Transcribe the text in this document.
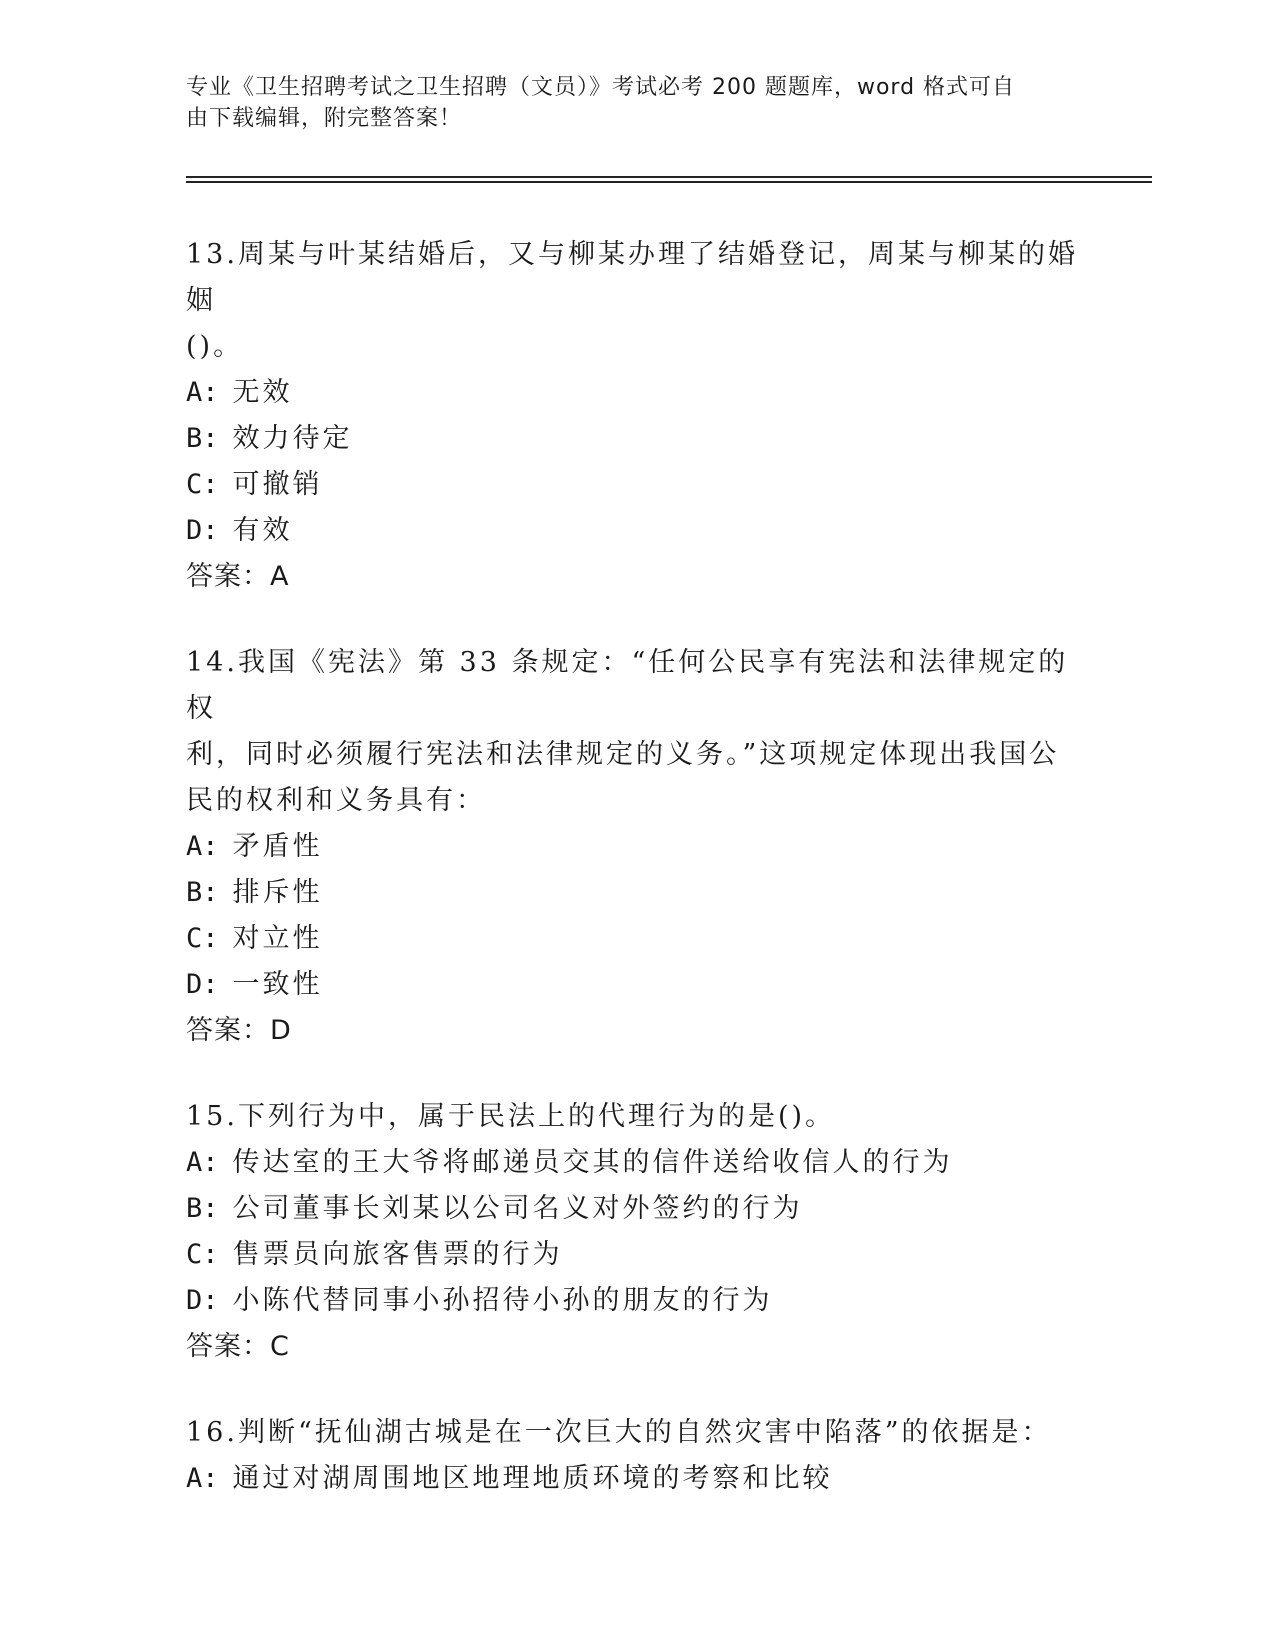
专业《卫生招聘考试之卫生招聘（文员）》考试必考 200 题题库，word 格式可自
由下载编辑，附完整答案！

13.周某与叶某结婚后，又与柳某办理了结婚登记，周某与柳某的婚姻

()。

A: 无效

B: 效力待定

C: 可撤销

D: 有效

答案：A

14.我国《宪法》第 33 条规定：“任何公民享有宪法和法律规定的权

利，同时必须履行宪法和法律规定的义务。”这项规定体现出我国公

民的权利和义务具有：

A: 矛盾性

B: 排斥性

C: 对立性

D: 一致性

答案：D

15.下列行为中，属于民法上的代理行为的是()。

A: 传达室的王大爷将邮递员交其的信件送给收信人的行为

B: 公司董事长刘某以公司名义对外签约的行为

C: 售票员向旅客售票的行为

D: 小陈代替同事小孙招待小孙的朋友的行为

答案：C

16.判断“抚仙湖古城是在一次巨大的自然灾害中陷落”的依据是：

A: 通过对湖周围地区地理地质环境的考察和比较
